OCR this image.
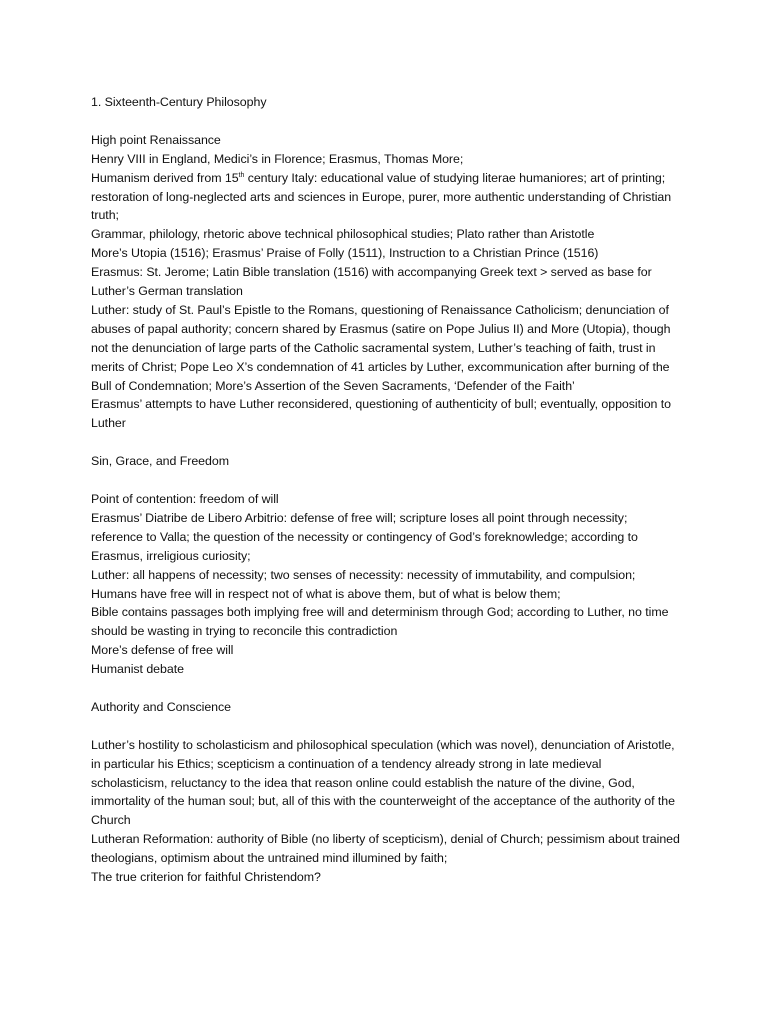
1. Sixteenth-Century Philosophy

High point Renaissance

Henry VIII in England, Medici’s in Florence; Erasmus, Thomas More;

Humanism derived from 15th century Italy: educational value of studying literae humaniores; art of printing; restoration of long-neglected arts and sciences in Europe, purer, more authentic understanding of Christian truth;

Grammar, philology, rhetoric above technical philosophical studies; Plato rather than Aristotle

More’s Utopia (1516); Erasmus’ Praise of Folly (1511), Instruction to a Christian Prince (1516)

Erasmus: St. Jerome; Latin Bible translation (1516) with accompanying Greek text > served as base for Luther’s German translation

Luther: study of St. Paul’s Epistle to the Romans, questioning of Renaissance Catholicism; denunciation of abuses of papal authority; concern shared by Erasmus (satire on Pope Julius II) and More (Utopia), though not the denunciation of large parts of the Catholic sacramental system, Luther’s teaching of faith, trust in merits of Christ; Pope Leo X’s condemnation of 41 articles by Luther, excommunication after burning of the Bull of Condemnation; More’s Assertion of the Seven Sacraments, ‘Defender of the Faith’

Erasmus’ attempts to have Luther reconsidered, questioning of authenticity of bull; eventually, opposition to Luther

Sin, Grace, and Freedom

Point of contention: freedom of will

Erasmus’ Diatribe de Libero Arbitrio: defense of free will; scripture loses all point through necessity; reference to Valla; the question of the necessity or contingency of God’s foreknowledge; according to Erasmus, irreligious curiosity;

Luther: all happens of necessity; two senses of necessity: necessity of immutability, and compulsion;

Humans have free will in respect not of what is above them, but of what is below them;

Bible contains passages both implying free will and determinism through God; according to Luther, no time should be wasting in trying to reconcile this contradiction

More’s defense of free will

Humanist debate

Authority and Conscience

Luther’s hostility to scholasticism and philosophical speculation (which was novel), denunciation of Aristotle, in particular his Ethics; scepticism a continuation of a tendency already strong in late medieval scholasticism, reluctancy to the idea that reason online could establish the nature of the divine, God, immortality of the human soul; but, all of this with the counterweight of the acceptance of the authority of the Church

Lutheran Reformation: authority of Bible (no liberty of scepticism), denial of Church; pessimism about trained theologians, optimism about the untrained mind illumined by faith;

The true criterion for faithful Christendom?
